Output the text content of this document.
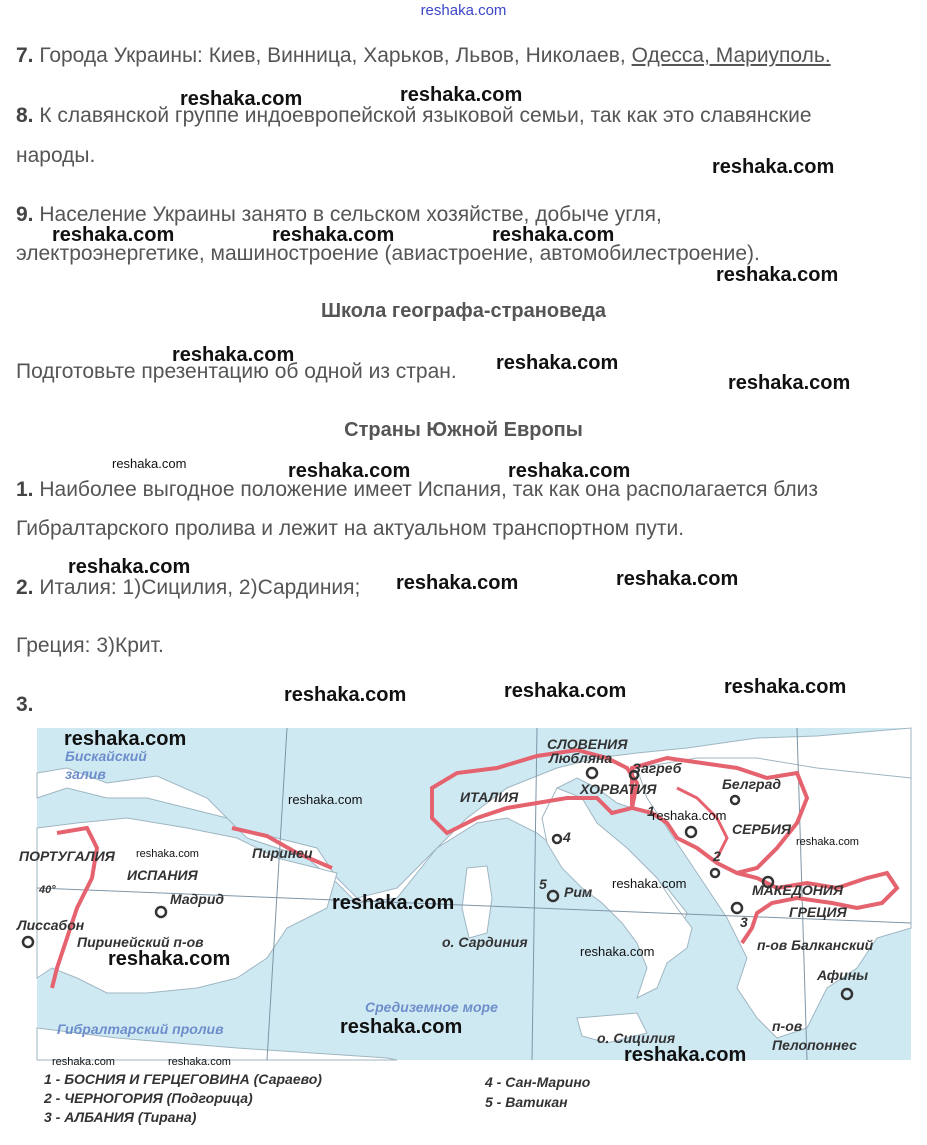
reshaka.com
7. Города Украины: Киев, Винница, Харьков, Львов, Николаев, Одесса, Мариуполь.
8. К славянской группе индоевропейской языковой семьи, так как это славянские
народы.
9. Население Украины занято в сельском хозяйстве, добыче угля,
электроэнергетике, машиностроение (авиастроение, автомобилестроение).
Школа географа-страноведа
Подготовьте презентацию об одной из стран.
Страны Южной Европы
1. Наиболее выгодное положение имеет Испания, так как она располагается близ
Гибралтарского пролива и лежит на актуальном транспортном пути.
2. Италия: 1)Сицилия, 2)Сардиния;
Греция: 3)Крит.
3.
Бискайский
залив
ПОРТУГАЛИЯ
ИСПАНИЯ
Мадрид
Лиссабон
Пиринейский п-ов
Пиринеи
Гибралтарский пролив
ИТАЛИЯ
Рим
о. Сардиния
о. Сицилия
Средиземное море
СЛОВЕНИЯ
Любляна
ХОРВАТИЯ
Загреб
Белград
СЕРБИЯ
МАКЕДОНИЯ
ГРЕЦИЯ
п-ов Балканский
Афины
п-ов
Пелопоннес
40°
1
2
3
4
5
1 - БОСНИЯ И ГЕРЦЕГОВИНА (Сараево)
2 - ЧЕРНОГОРИЯ (Подгорица)
3 - АЛБАНИЯ (Тирана)
4 - Сан-Марино
5 - Ватикан
reshaka.com	reshaka.com
reshaka.com
reshaka.com	reshaka.com	reshaka.com
reshaka.com
reshaka.com	reshaka.com
reshaka.com
reshaka.com	reshaka.com	reshaka.com
reshaka.com
reshaka.com	reshaka.com
reshaka.com	reshaka.com	reshaka.com
reshaka.com
reshaka.com
reshaka.com
reshaka.com
reshaka.com
reshaka.com
reshaka.com
reshaka.com
reshaka.com
reshaka.com
reshaka.com
reshaka.com	reshaka.com
